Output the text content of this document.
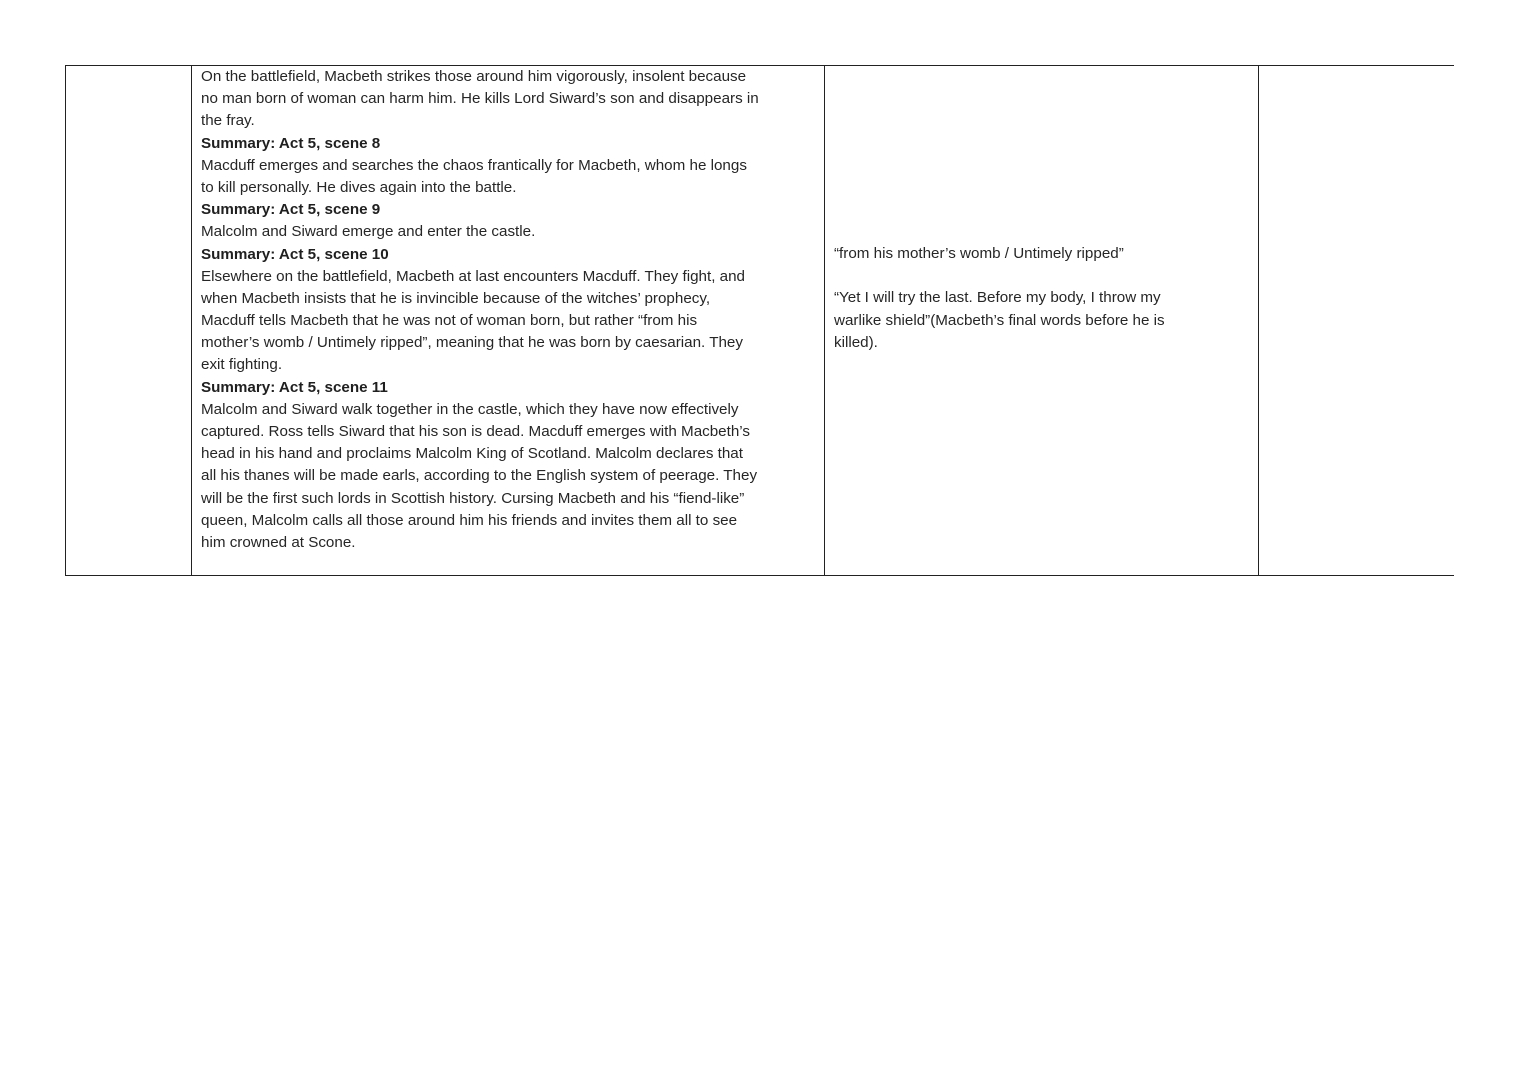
On the battlefield, Macbeth strikes those around him vigorously, insolent because
no man born of woman can harm him. He kills Lord Siward’s son and disappears in
the fray.
Summary: Act 5, scene 8
Macduff emerges and searches the chaos frantically for Macbeth, whom he longs
to kill personally. He dives again into the battle.
Summary: Act 5, scene 9
Malcolm and Siward emerge and enter the castle.
Summary: Act 5, scene 10
Elsewhere on the battlefield, Macbeth at last encounters Macduff. They fight, and
when Macbeth insists that he is invincible because of the witches’ prophecy,
Macduff tells Macbeth that he was not of woman born, but rather “from his
mother’s womb / Untimely ripped”, meaning that he was born by caesarian. They
exit fighting.
Summary: Act 5, scene 11
Malcolm and Siward walk together in the castle, which they have now effectively
captured. Ross tells Siward that his son is dead. Macduff emerges with Macbeth’s
head in his hand and proclaims Malcolm King of Scotland. Malcolm declares that
all his thanes will be made earls, according to the English system of peerage. They
will be the first such lords in Scottish history. Cursing Macbeth and his “fiend-like”
queen, Malcolm calls all those around him his friends and invites them all to see
him crowned at Scone.
“from his mother’s womb / Untimely ripped”
“Yet I will try the last. Before my body, I throw my
warlike shield”(Macbeth’s final words before he is
killed).
